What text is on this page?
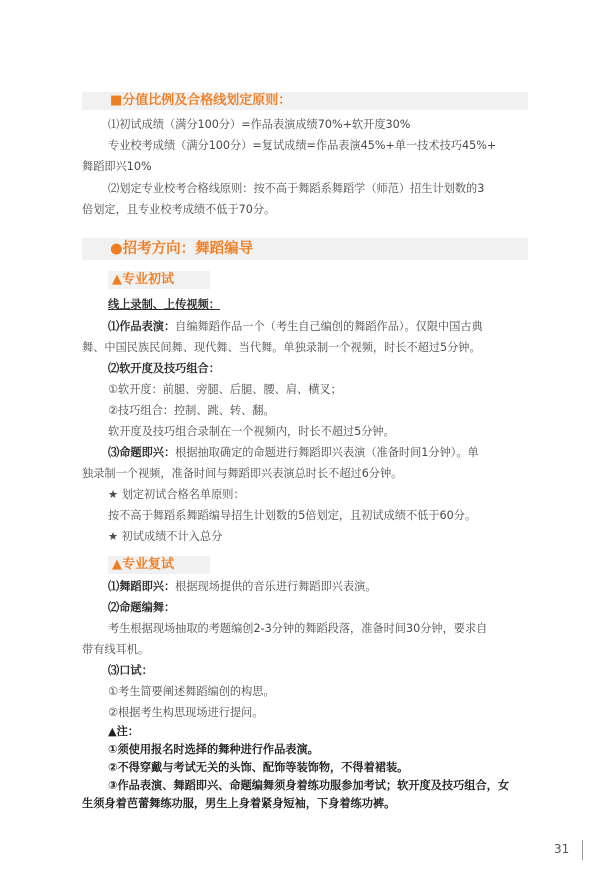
■分值比例及合格线划定原则：
⑴初试成绩（满分100分）=作品表演成绩70%+软开度30%
专业校考成绩（满分100分）=复试成绩=作品表演45%+单一技术技巧45%+
舞蹈即兴10%
⑵划定专业校考合格线原则：按不高于舞蹈系舞蹈学（师范）招生计划数的3
倍划定，且专业校考成绩不低于70分。
●招考方向：舞蹈编导
▲专业初试
线上录制、上传视频：
⑴作品表演：自编舞蹈作品一个（考生自己编创的舞蹈作品）。仅限中国古典
舞、中国民族民间舞、现代舞、当代舞。单独录制一个视频，时长不超过5分钟。
⑵软开度及技巧组合：
①软开度：前腿、旁腿、后腿、腰、肩、横叉；
②技巧组合：控制、跳、转、翻。
软开度及技巧组合录制在一个视频内，时长不超过5分钟。
⑶命题即兴：根据抽取确定的命题进行舞蹈即兴表演（准备时间1分钟）。单
独录制一个视频，准备时间与舞蹈即兴表演总时长不超过6分钟。
★ 划定初试合格名单原则：
按不高于舞蹈系舞蹈编导招生计划数的5倍划定，且初试成绩不低于60分。
★ 初试成绩不计入总分
▲专业复试
⑴舞蹈即兴：根据现场提供的音乐进行舞蹈即兴表演。
⑵命题编舞：
考生根据现场抽取的考题编创2-3分钟的舞蹈段落，准备时间30分钟，要求自
带有线耳机。
⑶口试：
①考生简要阐述舞蹈编创的构思。
②根据考生构思现场进行提问。
▲注：
①须使用报名时选择的舞种进行作品表演。
②不得穿戴与考试无关的头饰、配饰等装饰物，不得着裙装。
③作品表演、舞蹈即兴、命题编舞须身着练功服参加考试；软开度及技巧组合，女
生须身着芭蕾舞练功服，男生上身着紧身短袖，下身着练功裤。
31
